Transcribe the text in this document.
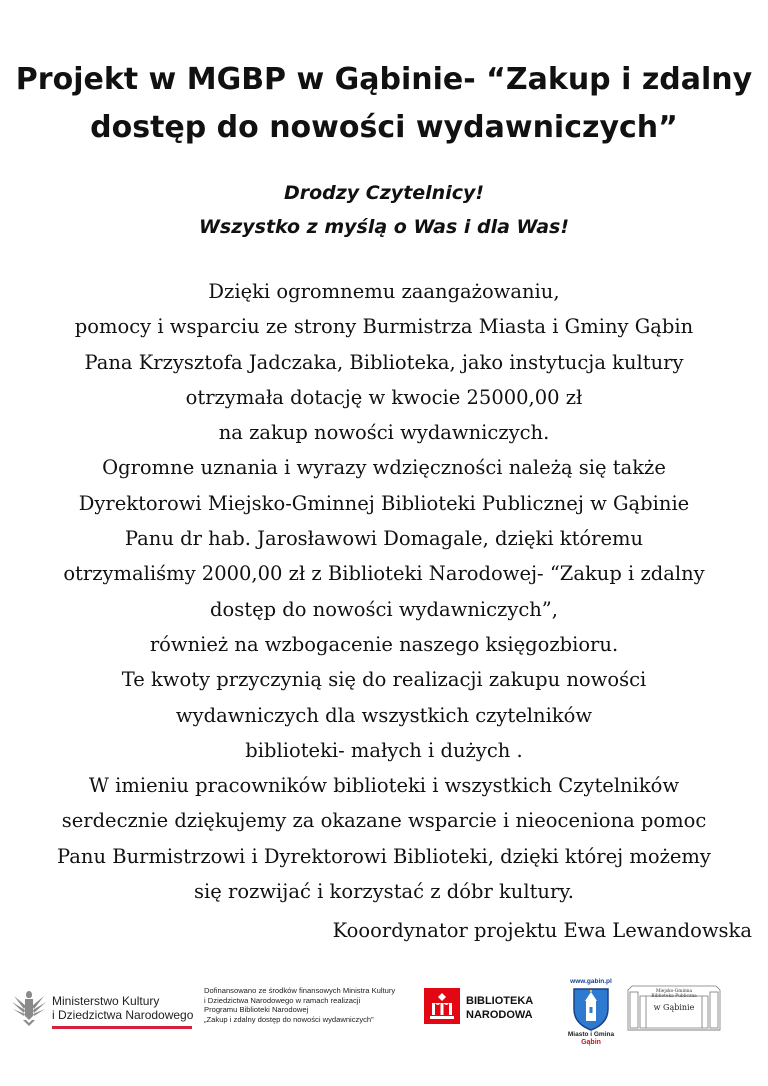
Projekt w MGBP w Gąbinie- “Zakup i zdalny
dostęp do nowości wydawniczych”
Drodzy Czytelnicy!
Wszystko z myślą o Was i dla Was!
Dzięki ogromnemu zaangażowaniu,
pomocy i wsparciu ze strony Burmistrza Miasta i Gminy Gąbin
Pana Krzysztofa Jadczaka, Biblioteka, jako instytucja kultury
otrzymała dotację w kwocie 25000,00 zł
na zakup nowości wydawniczych.
Ogromne uznania i wyrazy wdzięczności należą się także
Dyrektorowi Miejsko-Gminnej Biblioteki Publicznej w Gąbinie
Panu dr hab. Jarosławowi Domagale, dzięki któremu
otrzymaliśmy 2000,00 zł z Biblioteki Narodowej- “Zakup i zdalny
dostęp do nowości wydawniczych”,
również na wzbogacenie naszego księgozbioru.
Te kwoty przyczynią się do realizacji zakupu nowości
wydawniczych dla wszystkich czytelników
biblioteki- małych i dużych .
W imieniu pracowników biblioteki i wszystkich Czytelników
serdecznie dziękujemy za okazane wsparcie i nieoceniona pomoc
Panu Burmistrzowi i Dyrektorowi Biblioteki, dzięki której możemy
się rozwijać i korzystać z dóbr kultury.
Kooordynator projektu Ewa Lewandowska
Ministerstwo Kultury
i Dziedzictwa Narodowego
Dofinansowano ze środków finansowych Ministra Kultury
i Dziedzictwa Narodowego w ramach realizacji
Programu Biblioteki Narodowej
„Zakup i zdalny dostęp do nowości wydawniczych”
BIBLIOTEKA
NARODOWA
www.gabin.pl
Miasto i Gmina
Gąbin
Miejsko-Gminna
Biblioteka Publiczna
w Gąbinie
